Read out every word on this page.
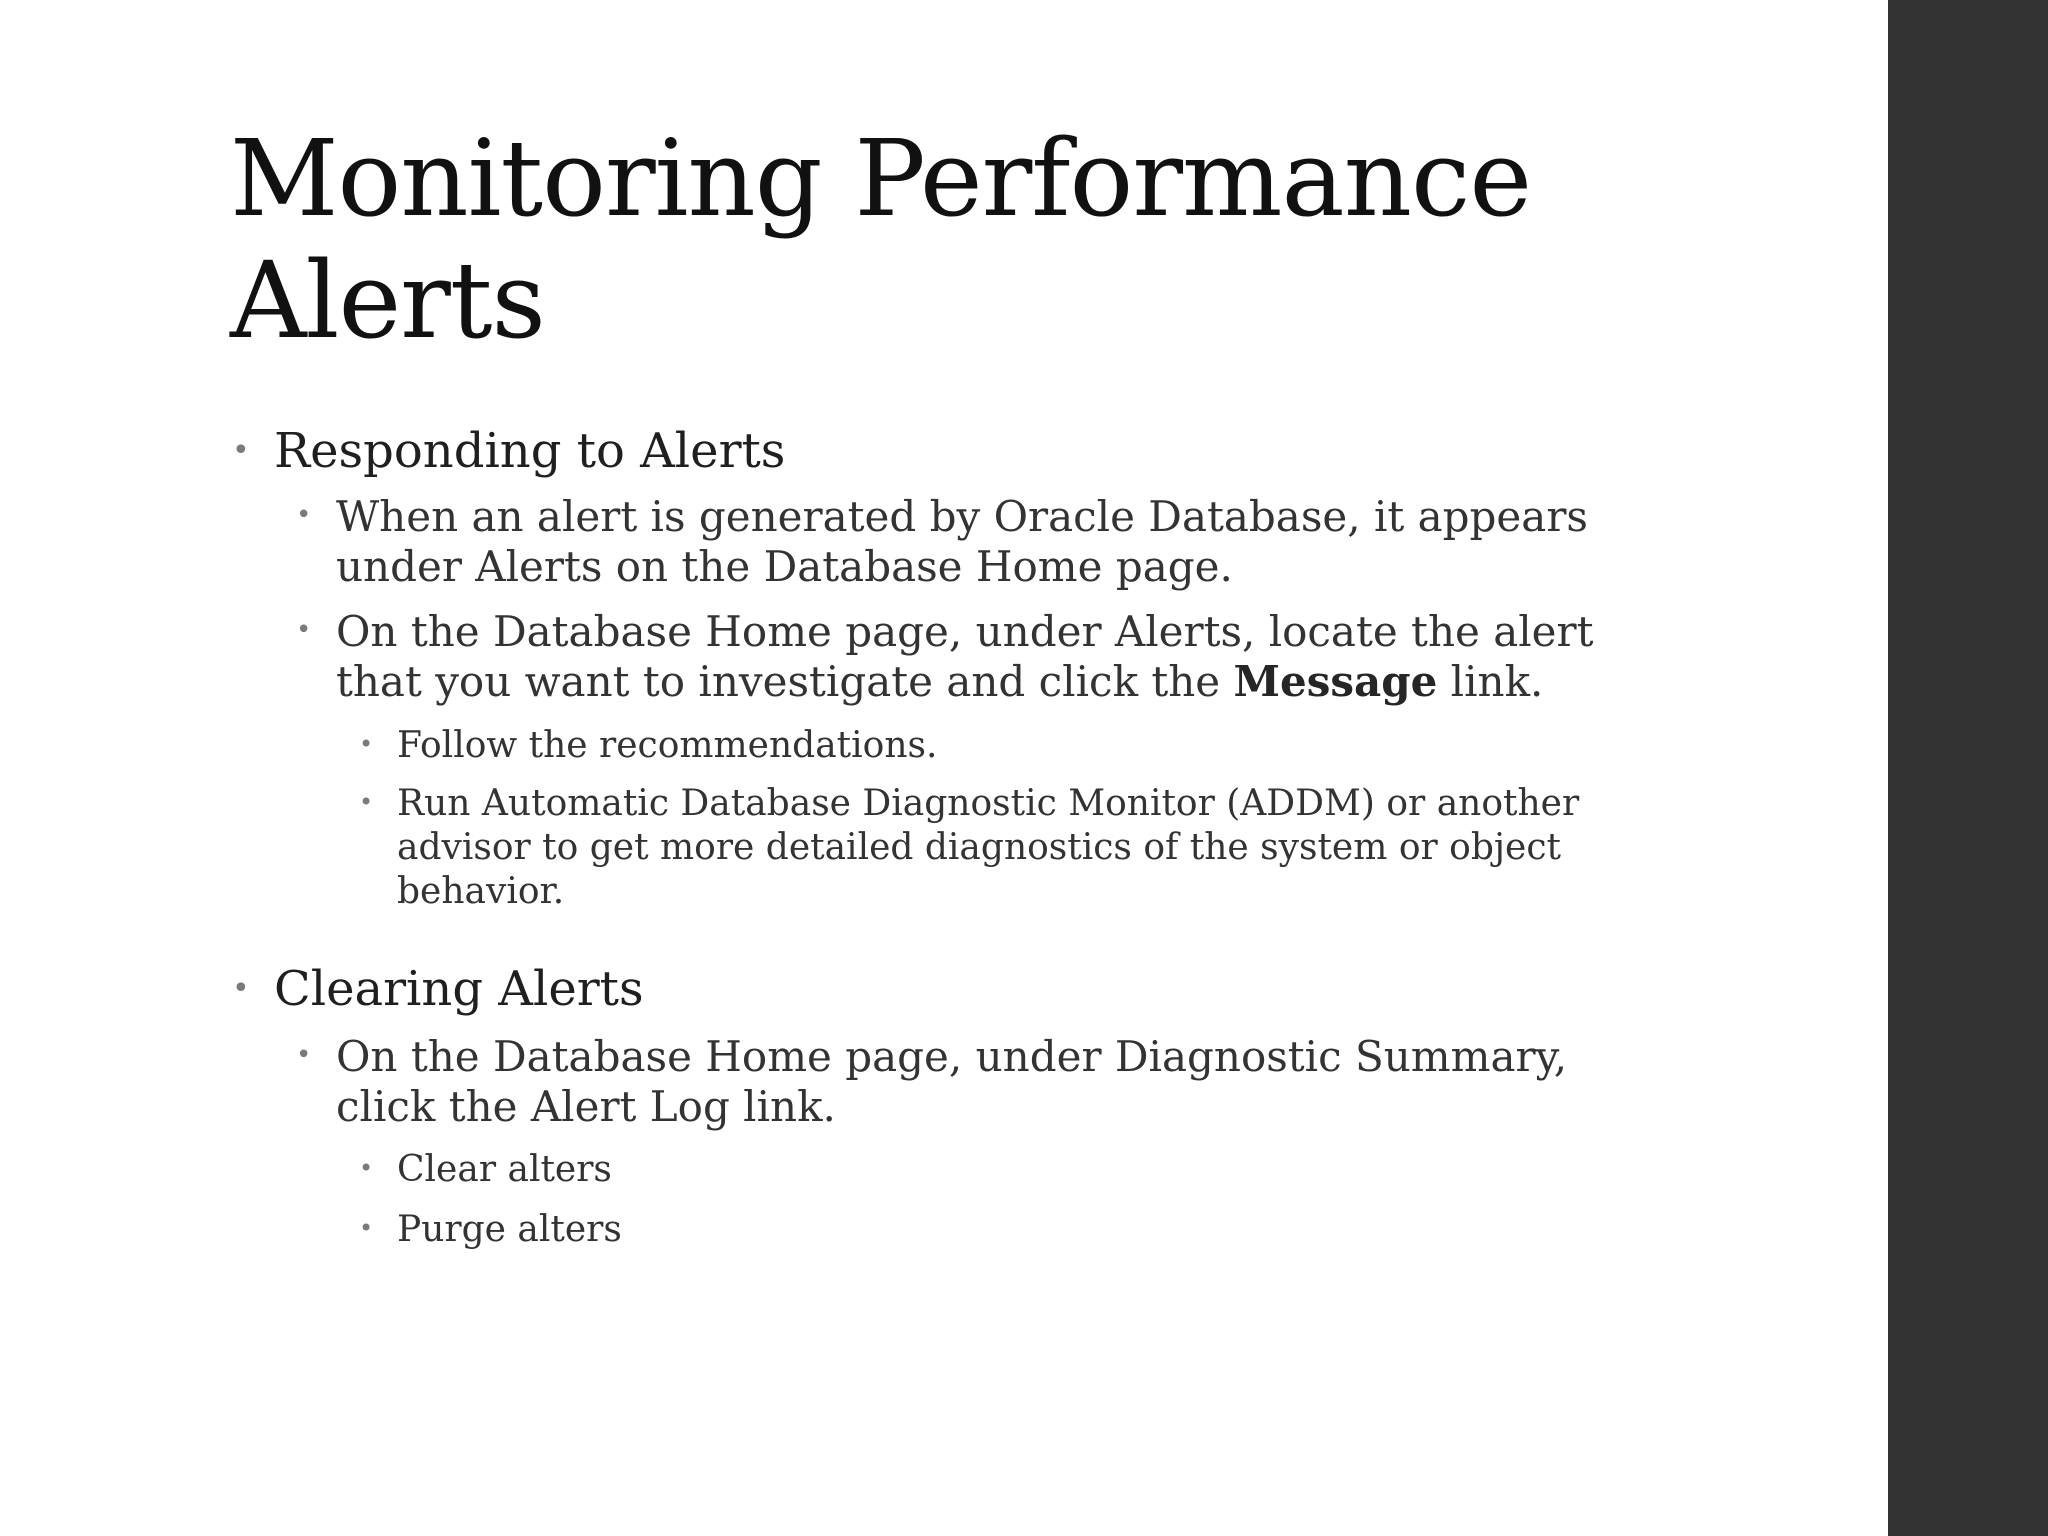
Monitoring Performance
Alerts
• Responding to Alerts
• When an alert is generated by Oracle Database, it appears
under Alerts on the Database Home page.
• On the Database Home page, under Alerts, locate the alert
that you want to investigate and click the Message link.
• Follow the recommendations.
• Run Automatic Database Diagnostic Monitor (ADDM) or another
advisor to get more detailed diagnostics of the system or object
behavior.
• Clearing Alerts
• On the Database Home page, under Diagnostic Summary,
click the Alert Log link.
• Clear alters
• Purge alters
